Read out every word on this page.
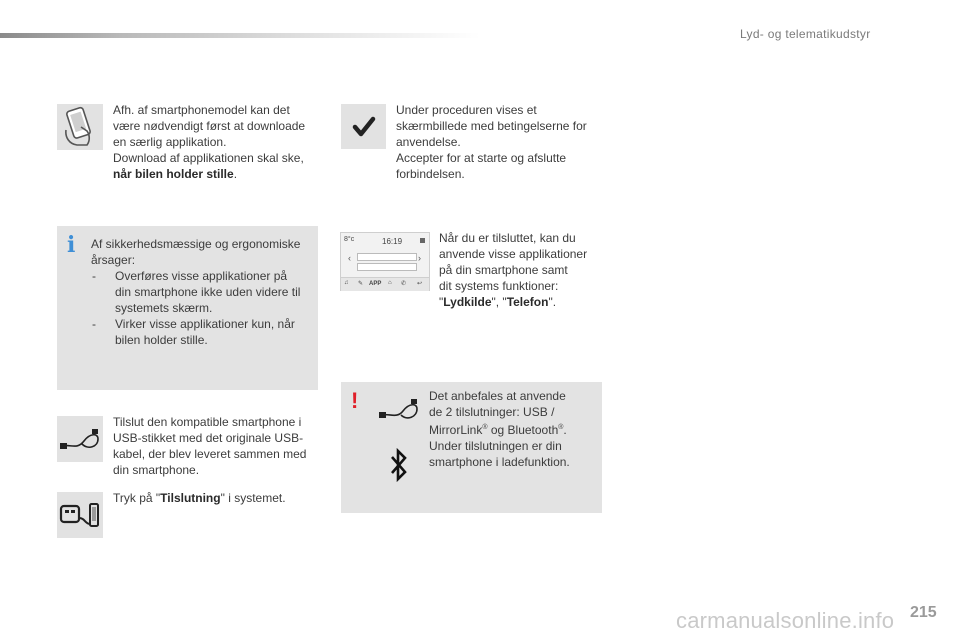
Lyd- og telematikudstyr
Afh. af smartphonemodel kan det
være nødvendigt først at downloade
en særlig applikation.
Download af applikationen skal ske,
når bilen holder stille.
Under proceduren vises et
skærmbillede med betingelserne for
anvendelse.
Accepter for at starte og afslutte
forbindelsen.
i Af sikkerhedsmæssige og ergonomiske
årsager:
- Overføres visse applikationer på
din smartphone ikke uden videre til
systemets skærm.
- Virker visse applikationer kun, når
bilen holder stille.
8°c	16:19
‹	›
♫ ✎ APP ⌂ ✆ ↩
Når du er tilsluttet, kan du
anvende visse applikationer
på din smartphone samt
dit systems funktioner:
"Lydkilde", "Telefon".
!	Det anbefales at anvende
de 2 tilslutninger: USB /
MirrorLink® og Bluetooth®.
Under tilslutningen er din
smartphone i ladefunktion.
Tilslut den kompatible smartphone i
USB-stikket med det originale USB-
kabel, der blev leveret sammen med
din smartphone.
Tryk på "Tilslutning" i systemet.
carmanualsonline.info 215
